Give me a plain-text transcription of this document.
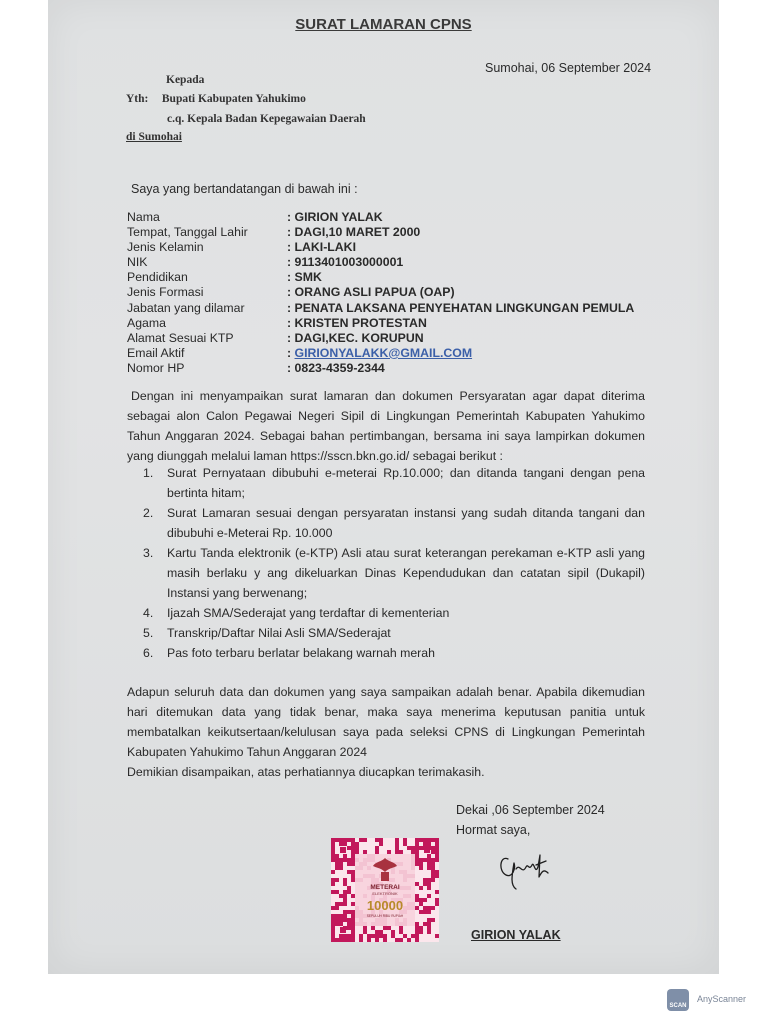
SURAT LAMARAN CPNS
Sumohai, 06 September 2024
Kepada
Yth: Bupati Kabupaten Yahukimo
c.q. Kepala Badan Kepegawaian Daerah
di Sumohai
Saya yang bertandatangan di bawah ini :
Nama	: GIRION YALAK
Tempat, Tanggal Lahir	: DAGI,10 MARET 2000
Jenis Kelamin	: LAKI-LAKI
NIK	: 9113401003000001
Pendidikan	: SMK
Jenis Formasi	: ORANG ASLI PAPUA (OAP)
Jabatan yang dilamar	: PENATA LAKSANA PENYEHATAN LINGKUNGAN PEMULA
Agama	: KRISTEN PROTESTAN
Alamat Sesuai KTP	: DAGI,KEC. KORUPUN
Email Aktif	: GIRIONYALAKK@GMAIL.COM
Nomor HP	: 0823-4359-2344
Dengan ini menyampaikan surat lamaran dan dokumen Persyaratan agar dapat diterima sebagai alon Calon Pegawai Negeri Sipil di Lingkungan Pemerintah Kabupaten Yahukimo Tahun Anggaran 2024. Sebagai bahan pertimbangan, bersama ini saya lampirkan dokumen yang diunggah melalui laman https://sscn.bkn.go.id/ sebagai berikut :
1. Surat Pernyataan dibubuhi e-meterai Rp.10.000; dan ditanda tangani dengan pena bertinta hitam;
2. Surat Lamaran sesuai dengan persyaratan instansi yang sudah ditanda tangani dan dibubuhi e-Meterai Rp. 10.000
3. Kartu Tanda elektronik (e-KTP) Asli atau surat keterangan perekaman e-KTP asli yang masih berlaku y ang dikeluarkan Dinas Kependudukan dan catatan sipil (Dukapil) Instansi yang berwenang;
4. Ijazah SMA/Sederajat yang terdaftar di kementerian
5. Transkrip/Daftar Nilai Asli SMA/Sederajat
6. Pas foto terbaru berlatar belakang warnah merah
Adapun seluruh data dan dokumen yang saya sampaikan adalah benar. Apabila dikemudian hari ditemukan data yang tidak benar, maka saya menerima keputusan panitia untuk membatalkan keikutsertaan/kelulusan saya pada seleksi CPNS di Lingkungan Pemerintah Kabupaten Yahukimo Tahun Anggaran 2024
Demikian disampaikan, atas perhatiannya diucapkan terimakasih.
Dekai ,06 September 2024
Hormat saya,
GIRION YALAK
METERAI
ELEKTRONIK
10000
SEPULUH RIBU RUPIAH
SCAN
AnyScanner
